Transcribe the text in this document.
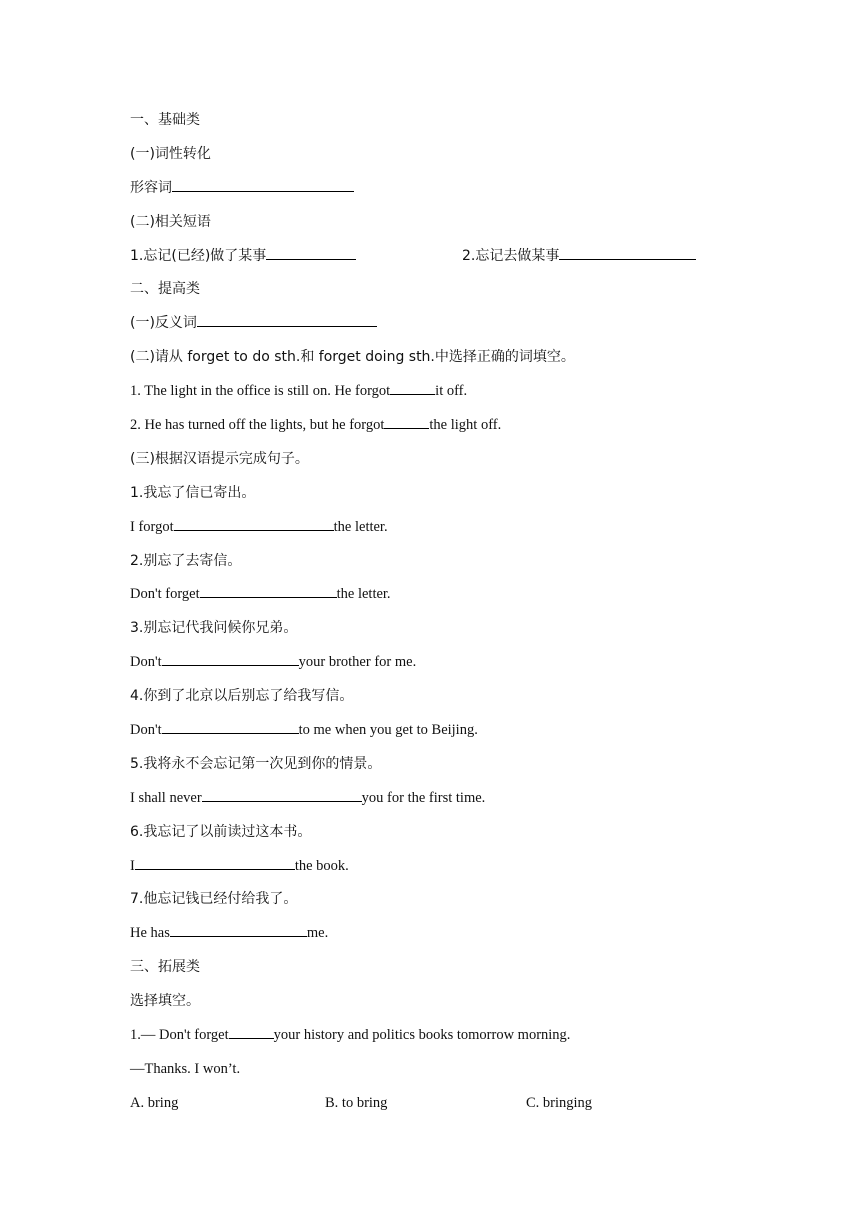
一、基础类
(一)词性转化
形容词
(二)相关短语
1.忘记(已经)做了某事	2.忘记去做某事
二、提高类
(一)反义词
(二)请从 forget to do sth.和 forget doing sth.中选择正确的词填空。
1. The light in the office is still on. He forgot	it off.
2. He has turned off the lights, but he forgot	the light off.
(三)根据汉语提示完成句子。
1.我忘了信已寄出。
I forgot	the letter.
2.别忘了去寄信。
Don't forget	the letter.
3.别忘记代我问候你兄弟。
Don't	your brother for me.
4.你到了北京以后别忘了给我写信。
Don't	to me when you get to Beijing.
5.我将永不会忘记第一次见到你的情景。
I shall never	you for the first time.
6.我忘记了以前读过这本书。
I	the book.
7.他忘记钱已经付给我了。
He has	me.
三、拓展类
选择填空。
1.— Don't forget	your history and politics books tomorrow morning.
—Thanks. I won’t.
A. bring	B. to bring	C. bringing
